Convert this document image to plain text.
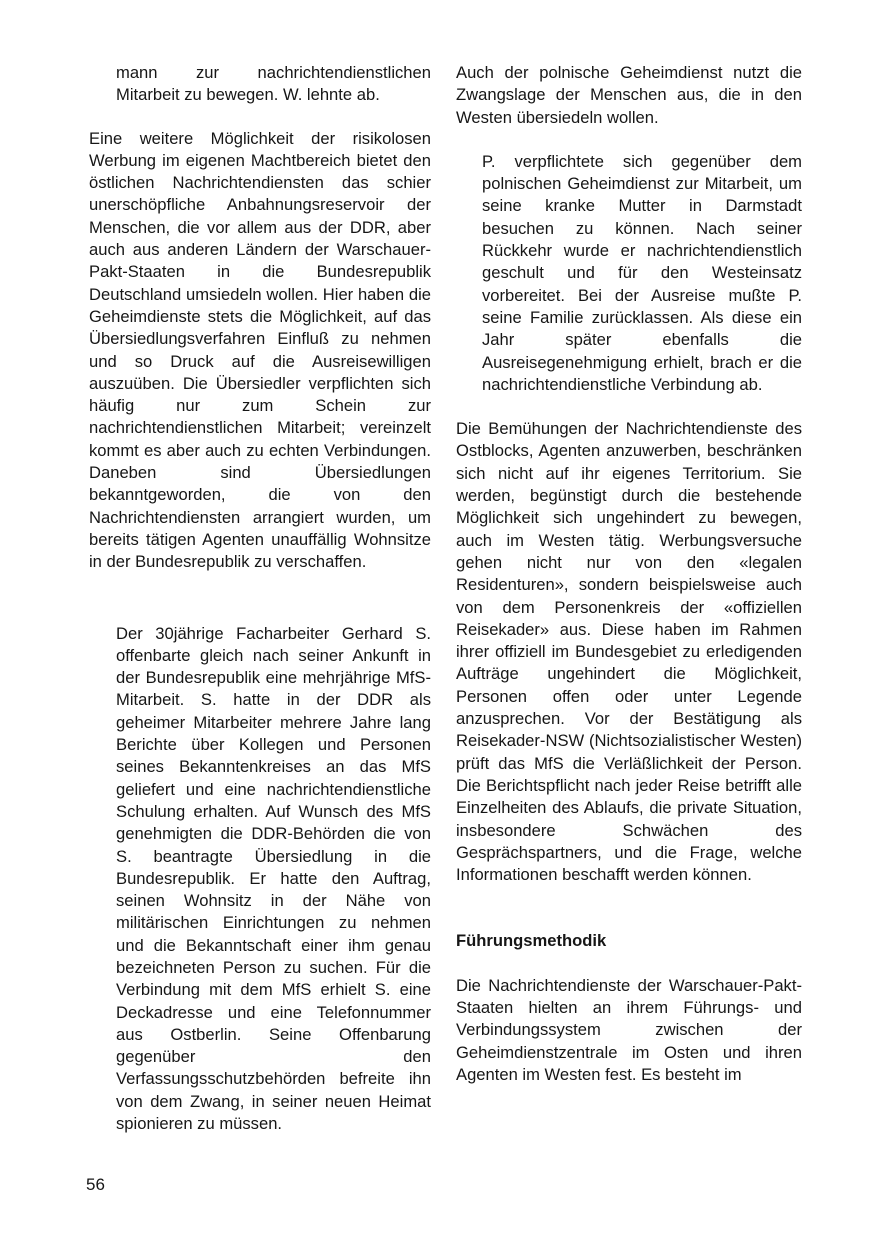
mann zur nachrichtendienstlichen Mitarbeit zu bewegen. W. lehnte ab.

Eine weitere Möglichkeit der risikolosen Werbung im eigenen Machtbereich bietet den östlichen Nachrichtendiensten das schier unerschöpfliche Anbahnungsreservoir der Menschen, die vor allem aus der DDR, aber auch aus anderen Ländern der Warschauer-Pakt-Staaten in die Bundesrepublik Deutschland umsiedeln wollen. Hier haben die Geheimdienste stets die Möglichkeit, auf das Übersiedlungsverfahren Einfluß zu nehmen und so Druck auf die Ausreisewilligen auszuüben. Die Übersiedler verpflichten sich häufig nur zum Schein zur nachrichtendienstlichen Mitarbeit; vereinzelt kommt es aber auch zu echten Verbindungen. Daneben sind Übersiedlungen bekanntgeworden, die von den Nachrichtendiensten arrangiert wurden, um bereits tätigen Agenten unauffällig Wohnsitze in der Bundesrepublik zu verschaffen.

Der 30jährige Facharbeiter Gerhard S. offenbarte gleich nach seiner Ankunft in der Bundesrepublik eine mehrjährige MfS-Mitarbeit. S. hatte in der DDR als geheimer Mitarbeiter mehrere Jahre lang Berichte über Kollegen und Personen seines Bekanntenkreises an das MfS geliefert und eine nachrichtendienstliche Schulung erhalten. Auf Wunsch des MfS genehmigten die DDR-Behörden die von S. beantragte Übersiedlung in die Bundesrepublik. Er hatte den Auftrag, seinen Wohnsitz in der Nähe von militärischen Einrichtungen zu nehmen und die Bekanntschaft einer ihm genau bezeichneten Person zu suchen. Für die Verbindung mit dem MfS erhielt S. eine Deckadresse und eine Telefonnummer aus Ostberlin. Seine Offenbarung gegenüber den Verfassungsschutzbehörden befreite ihn von dem Zwang, in seiner neuen Heimat spionieren zu müssen.

Auch der polnische Geheimdienst nutzt die Zwangslage der Menschen aus, die in den Westen übersiedeln wollen.

P. verpflichtete sich gegenüber dem polnischen Geheimdienst zur Mitarbeit, um seine kranke Mutter in Darmstadt besuchen zu können. Nach seiner Rückkehr wurde er nachrichtendienstlich geschult und für den Westeinsatz vorbereitet. Bei der Ausreise mußte P. seine Familie zurücklassen. Als diese ein Jahr später ebenfalls die Ausreisegenehmigung erhielt, brach er die nachrichtendienstliche Verbindung ab.

Die Bemühungen der Nachrichtendienste des Ostblocks, Agenten anzuwerben, beschränken sich nicht auf ihr eigenes Territorium. Sie werden, begünstigt durch die bestehende Möglichkeit sich ungehindert zu bewegen, auch im Westen tätig. Werbungsversuche gehen nicht nur von den «legalen Residenturen», sondern beispielsweise auch von dem Personenkreis der «offiziellen Reisekader» aus. Diese haben im Rahmen ihrer offiziell im Bundesgebiet zu erledigenden Aufträge ungehindert die Möglichkeit, Personen offen oder unter Legende anzusprechen. Vor der Bestätigung als Reisekader-NSW (Nichtsozialistischer Westen) prüft das MfS die Verläßlichkeit der Person. Die Berichtspflicht nach jeder Reise betrifft alle Einzelheiten des Ablaufs, die private Situation, insbesondere Schwächen des Gesprächspartners, und die Frage, welche Informationen beschafft werden können.

Führungsmethodik

Die Nachrichtendienste der Warschauer-Pakt-Staaten hielten an ihrem Führungs- und Verbindungssystem zwischen der Geheimdienstzentrale im Osten und ihren Agenten im Westen fest. Es besteht im

56
